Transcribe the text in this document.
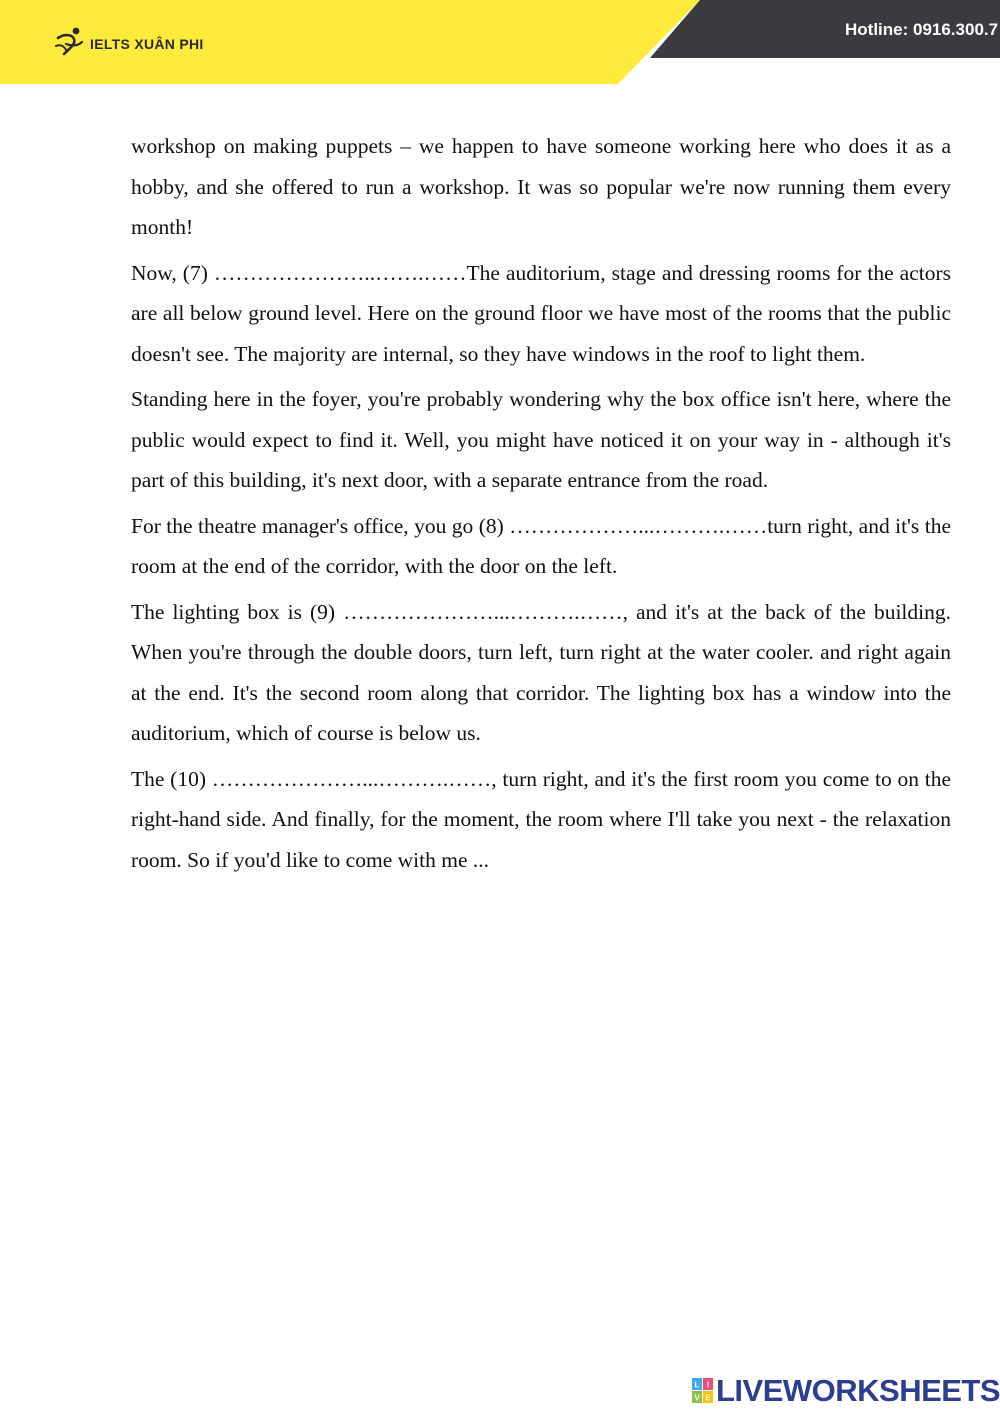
IELTS XUÂN PHI
Hotline: 0916.300.7

workshop on making puppets – we happen to have someone working here who does it as a hobby, and she offered to run a workshop. It was so popular we're now running them every month!

Now, (7) …………………..…….……The auditorium, stage and dressing rooms for the actors are all below ground level. Here on the ground floor we have most of the rooms that the public doesn't see. The majority are internal, so they have windows in the roof to light them.

Standing here in the foyer, you're probably wondering why the box office isn't here, where the public would expect to find it. Well, you might have noticed it on your way in - although it's part of this building, it's next door, with a separate entrance from the road.

For the theatre manager's office, you go (8) ………………...……….……turn right, and it's the room at the end of the corridor, with the door on the left.

The lighting box is (9) …………………...……….……, and it's at the back of the building. When you're through the double doors, turn left, turn right at the water cooler. and right again at the end. It's the second room along that corridor. The lighting box has a window into the auditorium, which of course is below us.

The (10) …………………...……….……, turn right, and it's the first room you come to on the right-hand side. And finally, for the moment, the room where I'll take you next - the relaxation room. So if you'd like to come with me ...

L I
V E LIVEWORKSHEETS
